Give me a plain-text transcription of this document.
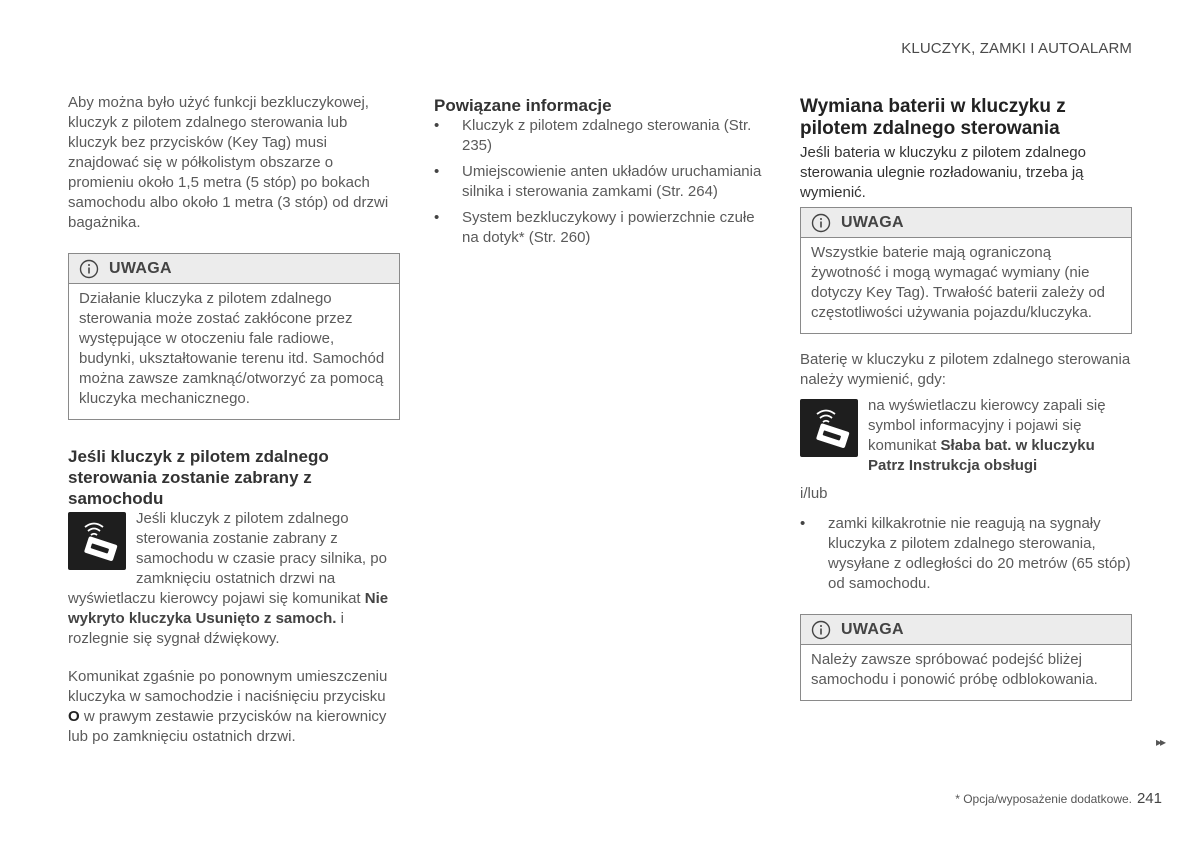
KLUCZYK, ZAMKI I AUTOALARM

Aby można było użyć funkcji bezkluczykowej, kluczyk z pilotem zdalnego sterowania lub kluczyk bez przycisków (Key Tag) musi znajdować się w półkolistym obszarze o promieniu około 1,5 metra (5 stóp) po bokach samochodu albo około 1 metra (3 stóp) od drzwi bagażnika.

UWAGA
Działanie kluczyka z pilotem zdalnego sterowania może zostać zakłócone przez występujące w otoczeniu fale radiowe, budynki, ukształtowanie terenu itd. Samochód można zawsze zamknąć/otworzyć za pomocą kluczyka mechanicznego.
Jeśli kluczyk z pilotem zdalnego sterowania zostanie zabrany z samochodu

Jeśli kluczyk z pilotem zdalnego sterowania zostanie zabrany z samochodu w czasie pracy silnika, po zamknięciu ostatnich drzwi na wyświetlaczu kierowcy pojawi się komunikat Nie wykryto kluczyka Usunięto z samoch. i rozlegnie się sygnał dźwiękowy.

Komunikat zgaśnie po ponownym umieszczeniu kluczyka w samochodzie i naciśnięciu przycisku O w prawym zestawie przycisków na kierownicy lub po zamknięciu ostatnich drzwi.

Powiązane informacje
• Kluczyk z pilotem zdalnego sterowania (Str. 235)
• Umiejscowienie anten układów uruchamiania silnika i sterowania zamkami (Str. 264)
• System bezkluczykowy i powierzchnie czułe na dotyk* (Str. 260)
Wymiana baterii w kluczyku z pilotem zdalnego sterowania

Jeśli bateria w kluczyku z pilotem zdalnego sterowania ulegnie rozładowaniu, trzeba ją wymienić.

UWAGA
Wszystkie baterie mają ograniczoną żywotność i mogą wymagać wymiany (nie dotyczy Key Tag). Trwałość baterii zależy od częstotliwości używania pojazdu/kluczyka.

Baterię w kluczyku z pilotem zdalnego sterowania należy wymienić, gdy:

na wyświetlaczu kierowcy zapali się symbol informacyjny i pojawi się komunikat Słaba bat. w kluczyku Patrz Instrukcja obsługi

i/lub

• zamki kilkakrotnie nie reagują na sygnały kluczyka z pilotem zdalnego sterowania, wysyłane z odległości do 20 metrów (65 stóp) od samochodu.
UWAGA
Należy zawsze spróbować podejść bliżej samochodu i ponowić próbę odblokowania.
▸▸
* Opcja/wyposażenie dodatkowe. 241
